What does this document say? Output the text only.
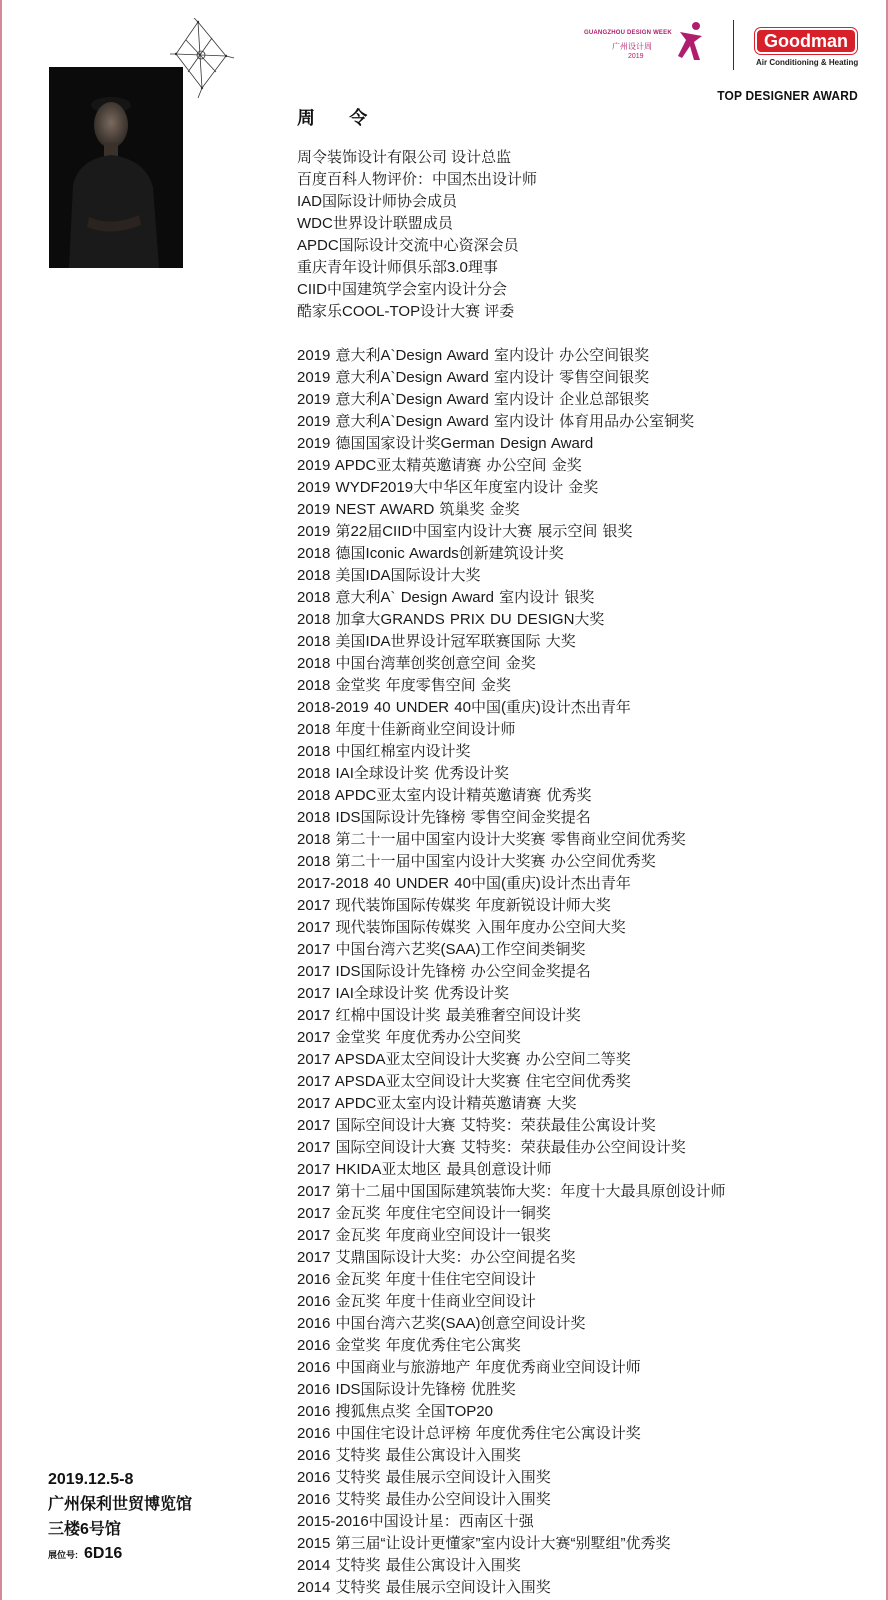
GUANGZHOU DESIGN WEEK
广州设计周
2019
Goodman
Air Conditioning & Heating
TOP DESIGNER AWARD
周 令
周令装饰设计有限公司 设计总监
百度百科人物评价：中国杰出设计师
IAD国际设计师协会成员
WDC世界设计联盟成员
APDC国际设计交流中心资深会员
重庆青年设计师俱乐部3.0理事
CIID中国建筑学会室内设计分会
酷家乐COOL-TOP设计大赛 评委
2019 意大利A`Design Award 室内设计 办公空间银奖
2019 意大利A`Design Award 室内设计 零售空间银奖
2019 意大利A`Design Award 室内设计 企业总部银奖
2019 意大利A`Design Award 室内设计 体育用品办公室铜奖
2019 德国国家设计奖German Design Award
2019 APDC亚太精英邀请赛 办公空间 金奖
2019 WYDF2019大中华区年度室内设计 金奖
2019 NEST AWARD 筑巢奖 金奖
2019 第22届CIID中国室内设计大赛 展示空间 银奖
2018 德国Iconic Awards创新建筑设计奖
2018 美国IDA国际设计大奖
2018 意大利A` Design Award 室内设计 银奖
2018 加拿大GRANDS PRIX DU DESIGN大奖
2018 美国IDA世界设计冠军联赛国际 大奖
2018 中国台湾華创奖创意空间 金奖
2018 金堂奖 年度零售空间 金奖
2018-2019 40 UNDER 40中国(重庆)设计杰出青年
2018 年度十佳新商业空间设计师
2018 中国红棉室内设计奖
2018 IAI全球设计奖 优秀设计奖
2018 APDC亚太室内设计精英邀请赛 优秀奖
2018 IDS国际设计先锋榜 零售空间金奖提名
2018 第二十一届中国室内设计大奖赛 零售商业空间优秀奖
2018 第二十一届中国室内设计大奖赛 办公空间优秀奖
2017-2018 40 UNDER 40中国(重庆)设计杰出青年
2017 现代装饰国际传媒奖 年度新锐设计师大奖
2017 现代装饰国际传媒奖 入围年度办公空间大奖
2017 中国台湾六艺奖(SAA)工作空间类铜奖
2017 IDS国际设计先锋榜 办公空间金奖提名
2017 IAI全球设计奖 优秀设计奖
2017 红棉中国设计奖 最美雅奢空间设计奖
2017 金堂奖 年度优秀办公空间奖
2017 APSDA亚太空间设计大奖赛 办公空间二等奖
2017 APSDA亚太空间设计大奖赛 住宅空间优秀奖
2017 APDC亚太室内设计精英邀请赛 大奖
2017 国际空间设计大赛 艾特奖：荣获最佳公寓设计奖
2017 国际空间设计大赛 艾特奖：荣获最佳办公空间设计奖
2017 HKIDA亚太地区 最具创意设计师
2017 第十二届中国国际建筑装饰大奖：年度十大最具原创设计师
2017 金瓦奖 年度住宅空间设计一铜奖
2017 金瓦奖 年度商业空间设计一银奖
2017 艾鼎国际设计大奖：办公空间提名奖
2016 金瓦奖 年度十佳住宅空间设计
2016 金瓦奖 年度十佳商业空间设计
2016 中国台湾六艺奖(SAA)创意空间设计奖
2016 金堂奖 年度优秀住宅公寓奖
2016 中国商业与旅游地产 年度优秀商业空间设计师
2016 IDS国际设计先锋榜 优胜奖
2016 搜狐焦点奖 全国TOP20
2016 中国住宅设计总评榜 年度优秀住宅公寓设计奖
2016 艾特奖 最佳公寓设计入围奖
2016 艾特奖 最佳展示空间设计入围奖
2016 艾特奖 最佳办公空间设计入围奖
2015-2016中国设计星：西南区十强
2015 第三届“让设计更懂家”室内设计大赛“别墅组”优秀奖
2014 艾特奖 最佳公寓设计入围奖
2014 艾特奖 最佳展示空间设计入围奖
2019.12.5-8
广州保利世贸博览馆
三楼6号馆
展位号: 6D16
